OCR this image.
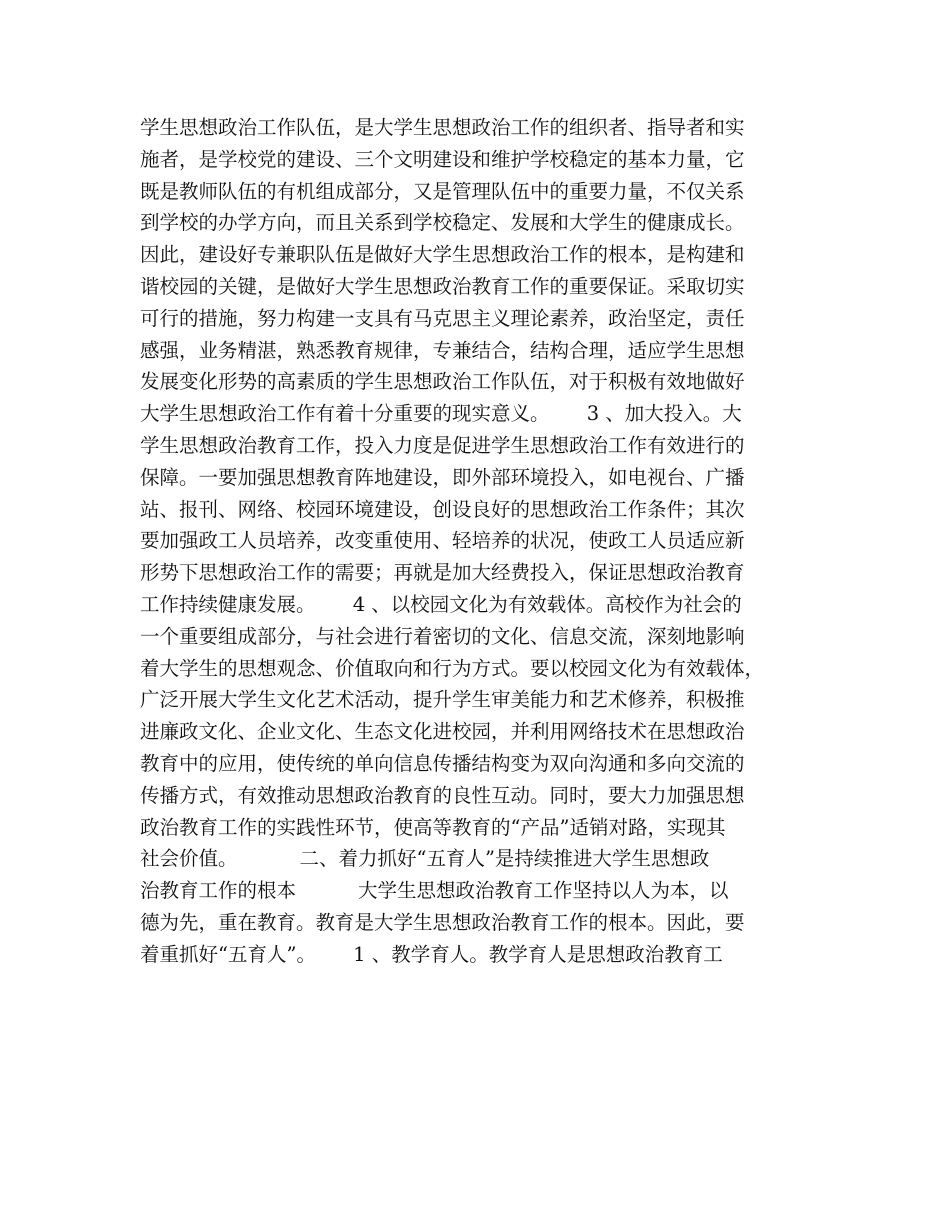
学生思想政治工作队伍，是大学生思想政治工作的组织者、指导者和实
施者，是学校党的建设、三个文明建设和维护学校稳定的基本力量，它
既是教师队伍的有机组成部分，又是管理队伍中的重要力量，不仅关系
到学校的办学方向，而且关系到学校稳定、发展和大学生的健康成长。
因此，建设好专兼职队伍是做好大学生思想政治工作的根本，是构建和
谐校园的关键，是做好大学生思想政治教育工作的重要保证。采取切实
可行的措施，努力构建一支具有马克思主义理论素养，政治坚定，责任
感强，业务精湛，熟悉教育规律，专兼结合，结构合理，适应学生思想
发展变化形势的高素质的学生思想政治工作队伍，对于积极有效地做好
大学生思想政治工作有着十分重要的现实意义。      3 、加大投入。大
学生思想政治教育工作，投入力度是促进学生思想政治工作有效进行的
保障。一要加强思想教育阵地建设，即外部环境投入，如电视台、广播
站、报刊、网络、校园环境建设，创设良好的思想政治工作条件；其次
要加强政工人员培养，改变重使用、轻培养的状况，使政工人员适应新
形势下思想政治工作的需要；再就是加大经费投入，保证思想政治教育
工作持续健康发展。      4 、以校园文化为有效载体。高校作为社会的
一个重要组成部分，与社会进行着密切的文化、信息交流，深刻地影响
着大学生的思想观念、价值取向和行为方式。要以校园文化为有效载体，
广泛开展大学生文化艺术活动，提升学生审美能力和艺术修养，积极推
进廉政文化、企业文化、生态文化进校园，并利用网络技术在思想政治
教育中的应用，使传统的单向信息传播结构变为双向沟通和多向交流的
传播方式，有效推动思想政治教育的良性互动。同时，要大力加强思想
政治教育工作的实践性环节，使高等教育的“产品”适销对路，实现其
社会价值。          二、着力抓好“五育人”是持续推进大学生思想政
治教育工作的根本          大学生思想政治教育工作坚持以人为本，以
德为先，重在教育。教育是大学生思想政治教育工作的根本。因此，要
着重抓好“五育人”。      1 、教学育人。教学育人是思想政治教育工
